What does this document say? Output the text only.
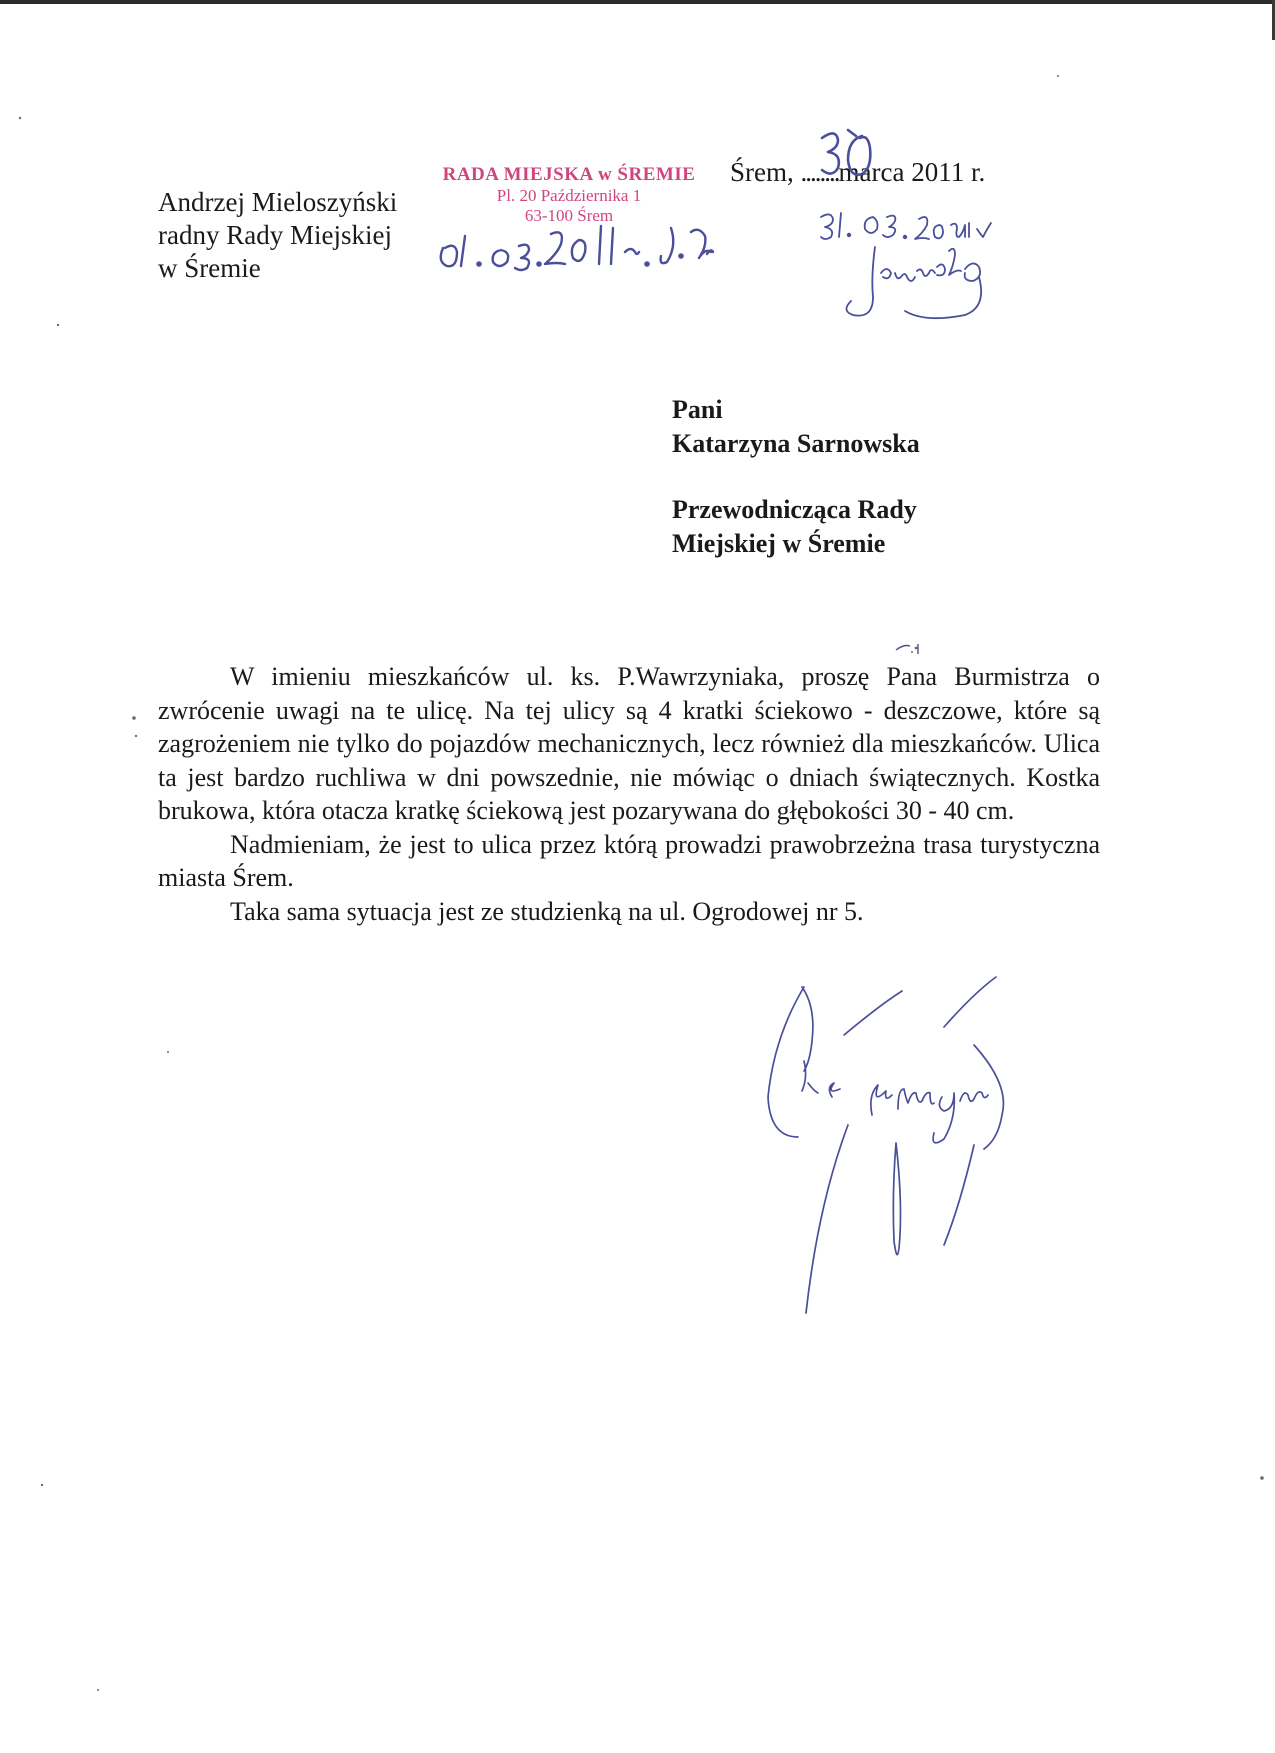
Andrzej Mieloszyński
radny Rady Miejskiej
w Śremie
RADA MIEJSKA w ŚREMIE
Pl. 20 Października 1
63-100 Śrem
Śrem, ........marca 2011 r.
Pani
Katarzyna Sarnowska
Przewodnicząca Rady
Miejskiej w Śremie

W imieniu mieszkańców ul. ks. P.Wawrzyniaka, proszę Pana Burmistrza o zwrócenie uwagi na te ulicę. Na tej ulicy są 4 kratki ściekowo - deszczowe, które są zagrożeniem nie tylko do pojazdów mechanicznych, lecz również dla mieszkańców. Ulica ta jest bardzo ruchliwa w dni powszednie, nie mówiąc o dniach świątecznych. Kostka brukowa, która otacza kratkę ściekową jest pozarywana do głębokości 30 - 40 cm.

Nadmieniam, że jest to ulica przez którą prowadzi prawobrzeżna trasa turystyczna miasta Śrem.

Taka sama sytuacja jest ze studzienką na ul. Ogrodowej nr 5.
